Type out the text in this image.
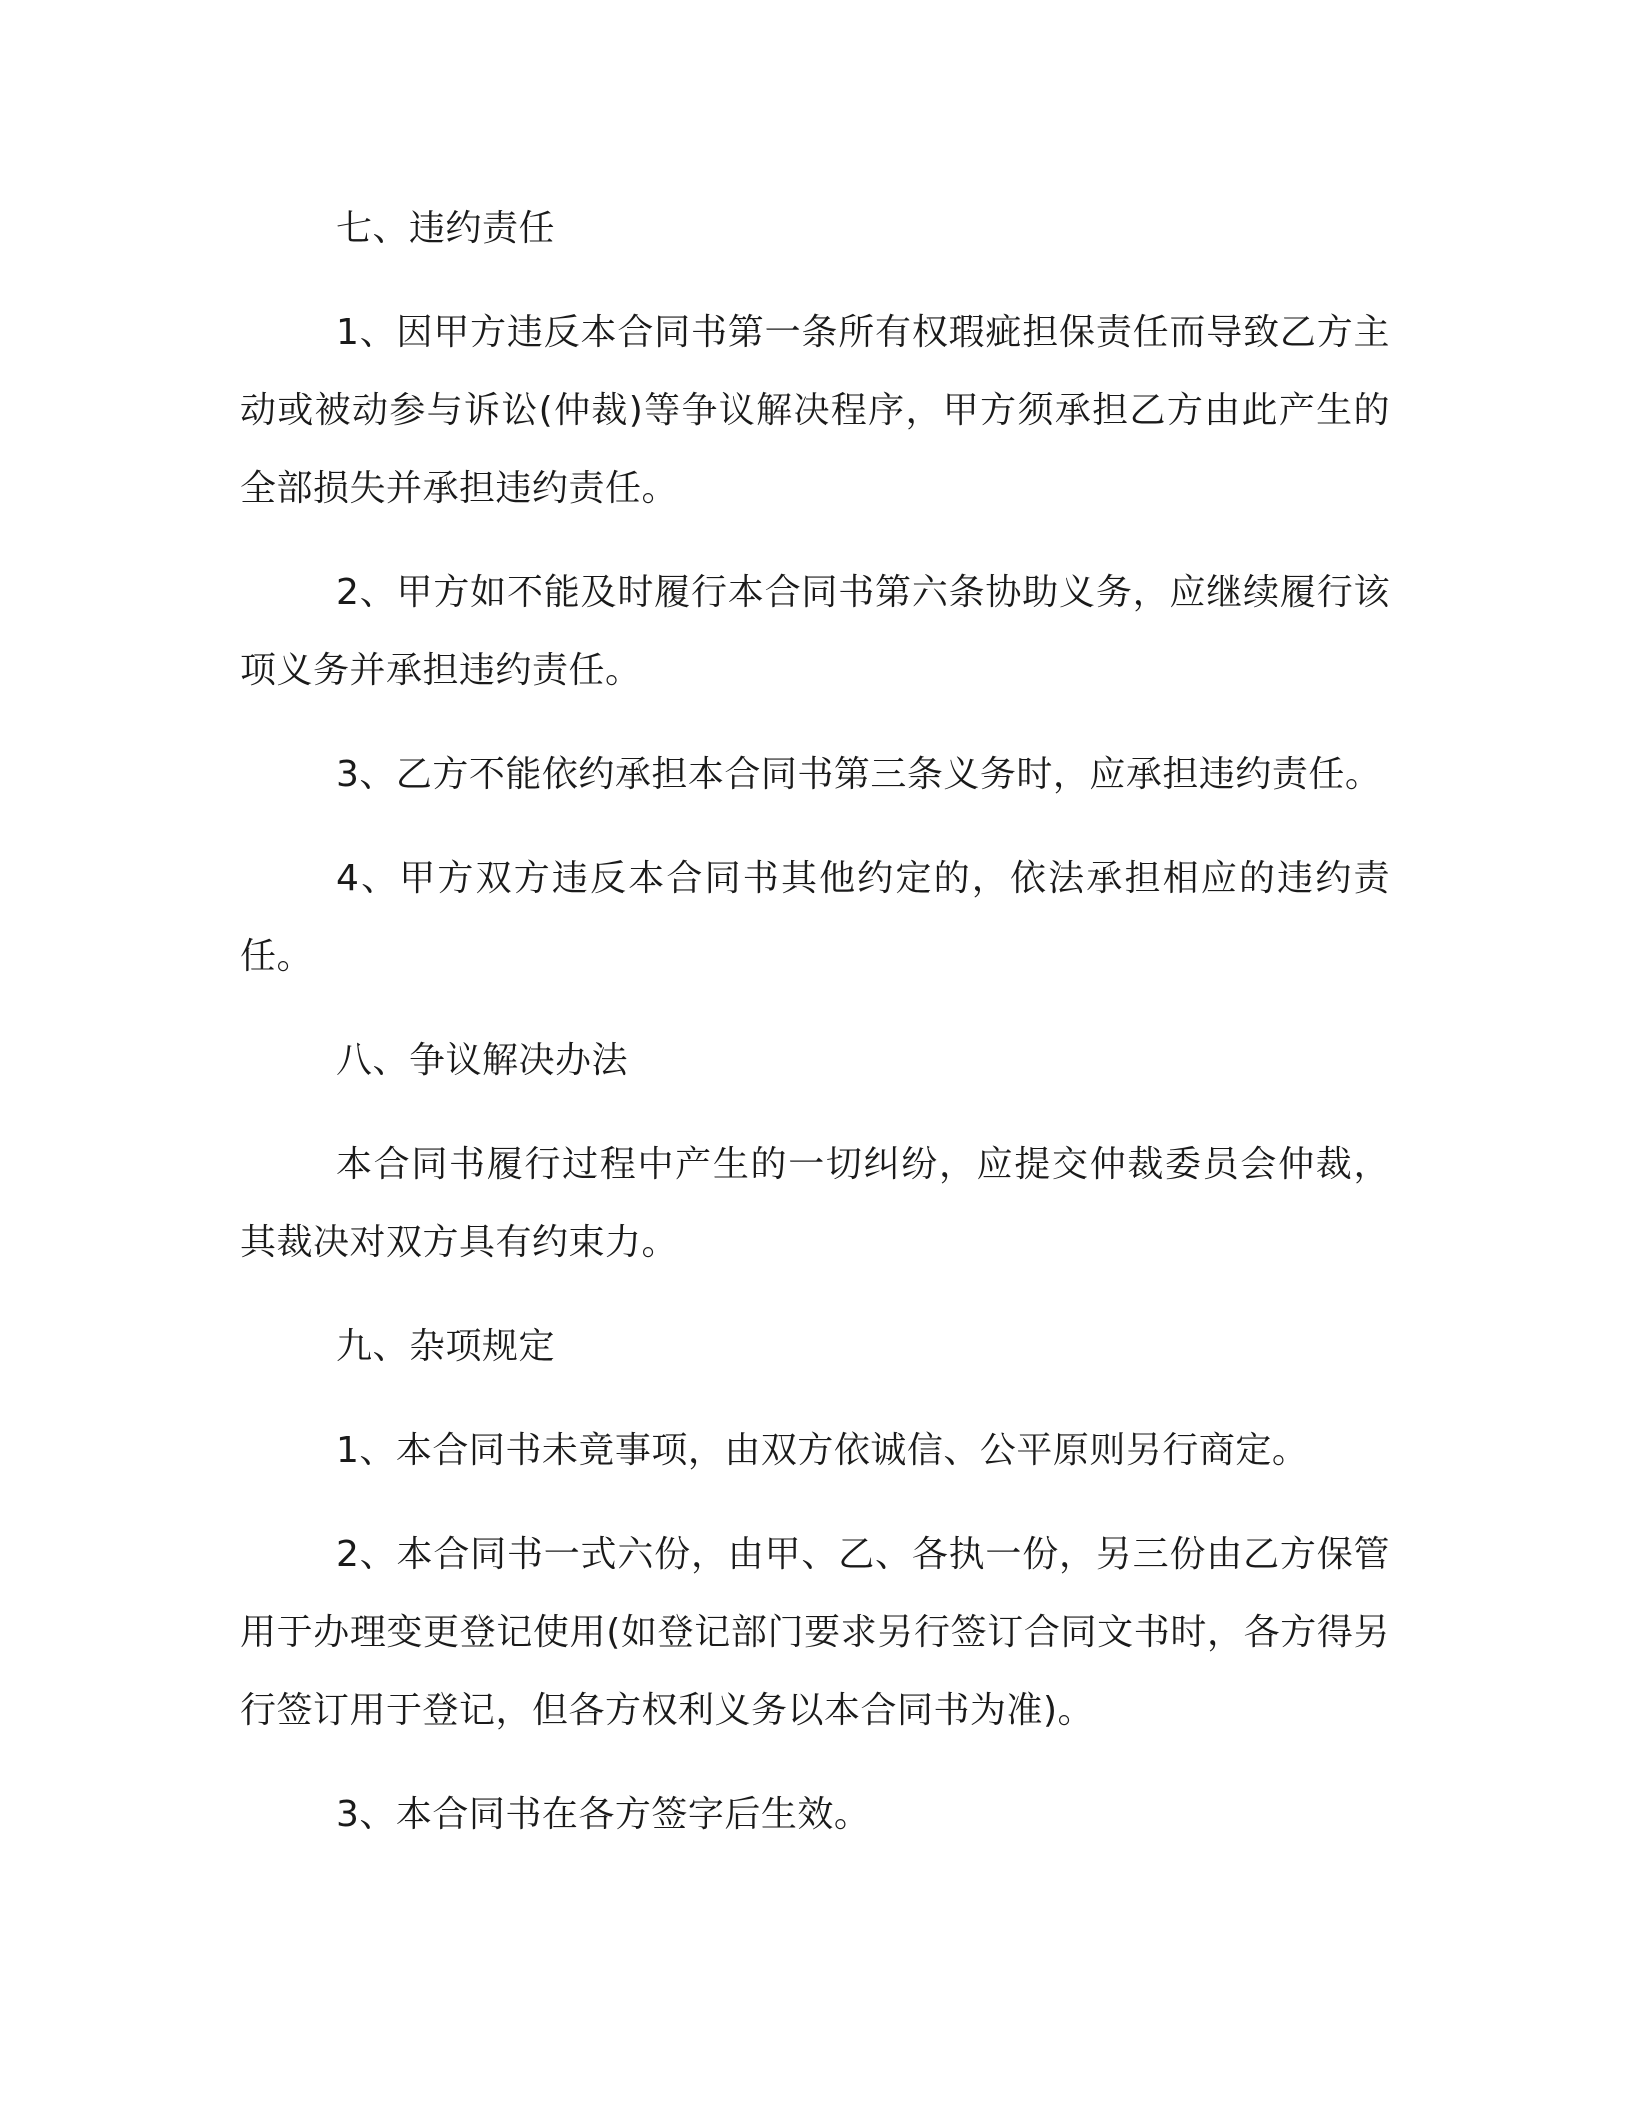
七、违约责任

1、因甲方违反本合同书第一条所有权瑕疵担保责任而导致乙方主动或被动参与诉讼(仲裁)等争议解决程序，甲方须承担乙方由此产生的全部损失并承担违约责任。

2、甲方如不能及时履行本合同书第六条协助义务，应继续履行该项义务并承担违约责任。

3、乙方不能依约承担本合同书第三条义务时，应承担违约责任。

4、甲方双方违反本合同书其他约定的，依法承担相应的违约责任。

八、争议解决办法

本合同书履行过程中产生的一切纠纷，应提交仲裁委员会仲裁，其裁决对双方具有约束力。

九、杂项规定

1、本合同书未竟事项，由双方依诚信、公平原则另行商定。

2、本合同书一式六份，由甲、乙、各执一份，另三份由乙方保管用于办理变更登记使用(如登记部门要求另行签订合同文书时，各方得另行签订用于登记，但各方权利义务以本合同书为准)。

3、本合同书在各方签字后生效。
